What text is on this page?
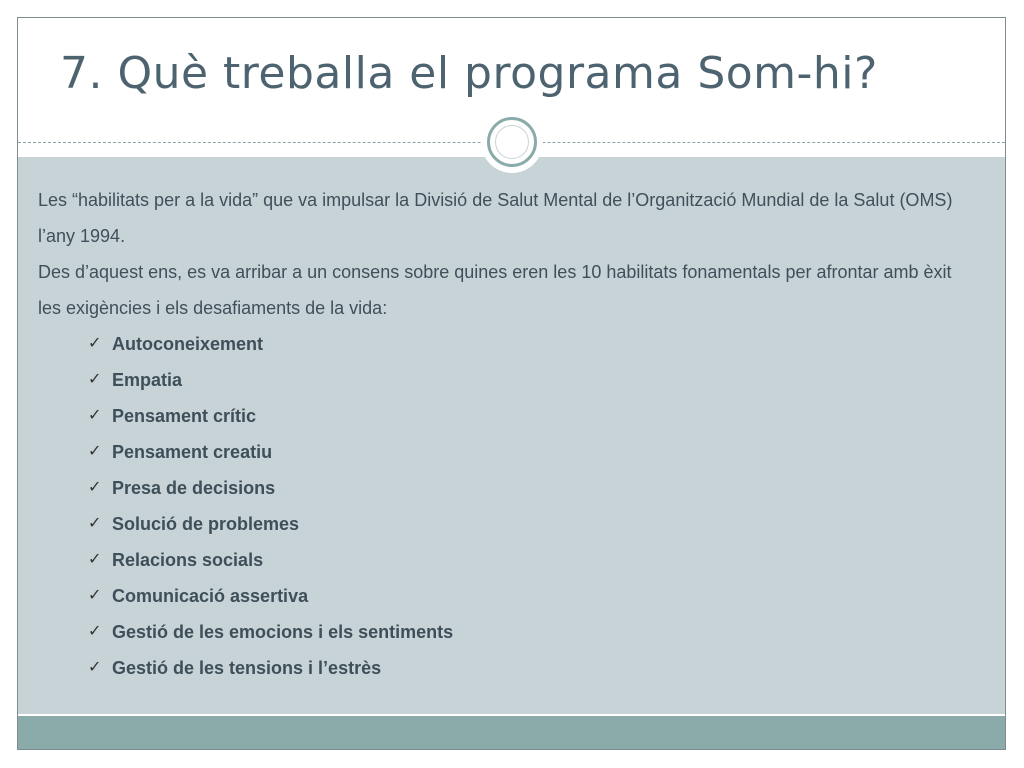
7. Què treballa el programa Som-hi?

Les “habilitats per a la vida” que va impulsar la Divisió de Salut Mental de l’Organització Mundial de la Salut (OMS) l’any 1994.

Des d’aquest ens, es va arribar a un consens sobre quines eren les 10 habilitats fonamentals per afrontar amb èxit les exigències i els desafiaments de la vida:

✓ Autoconeixement
✓ Empatia
✓ Pensament crític
✓ Pensament creatiu
✓ Presa de decisions
✓ Solució de problemes
✓ Relacions socials
✓ Comunicació assertiva
✓ Gestió de les emocions i els sentiments
✓ Gestió de les tensions i l’estrès
